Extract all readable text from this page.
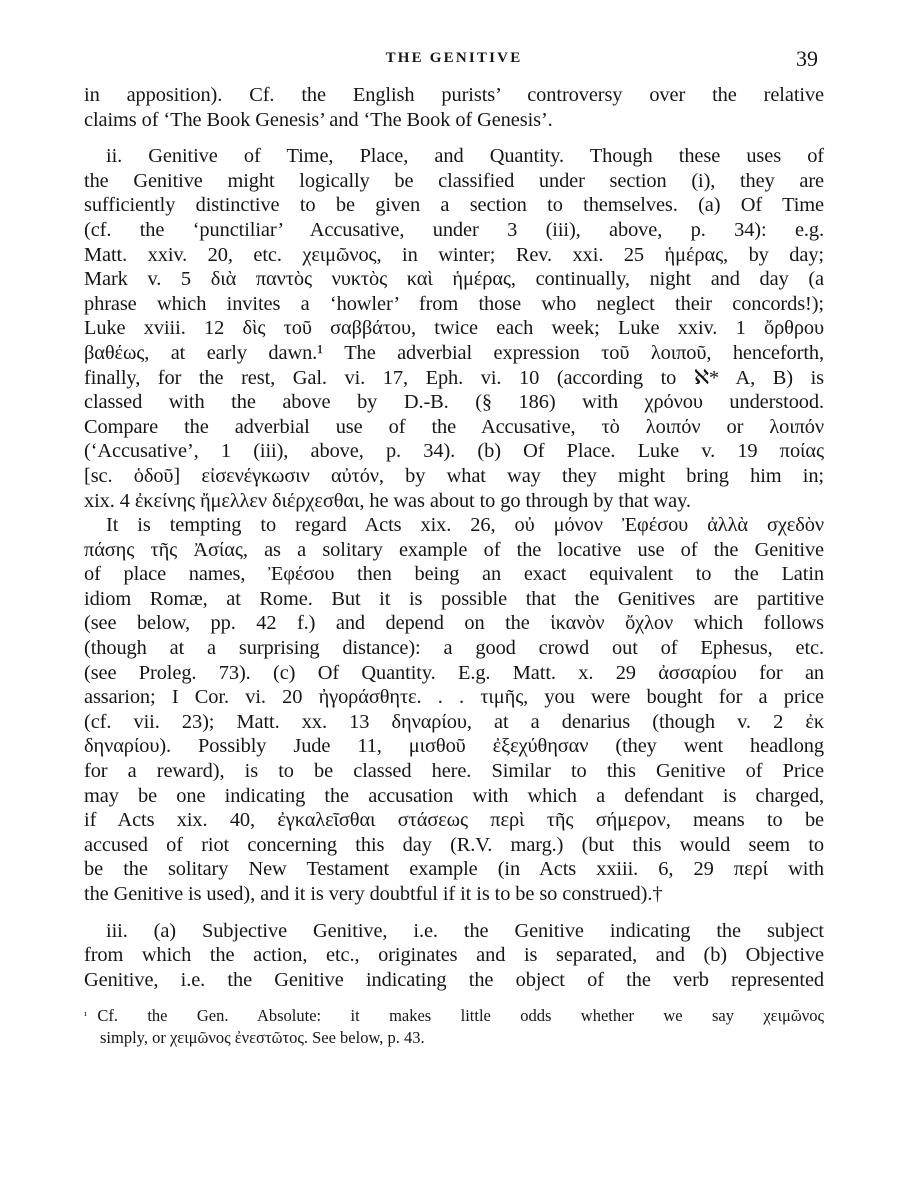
THE GENITIVE	39

in apposition). Cf. the English purists’ controversy over the relative
claims of ‘The Book Genesis’ and ‘The Book of Genesis’.

ii. Genitive of Time, Place, and Quantity. Though these uses of
the Genitive might logically be classified under section (i), they are
sufficiently distinctive to be given a section to themselves. (a) Of Time
(cf. the ‘punctiliar’ Accusative, under 3 (iii), above, p. 34): e.g.
Matt. xxiv. 20, etc. χειμῶνος, in winter; Rev. xxi. 25 ἡμέρας, by day;
Mark v. 5 διὰ παντὸς νυκτὸς καὶ ἡμέρας, continually, night and day (a
phrase which invites a ‘howler’ from those who neglect their concords!);
Luke xviii. 12 δὶς τοῦ σαββάτου, twice each week; Luke xxiv. 1 ὄρθρου
βαθέως, at early dawn.¹ The adverbial expression τοῦ λοιποῦ, henceforth,
finally, for the rest, Gal. vi. 17, Eph. vi. 10 (according to ℵ* A, B) is
classed with the above by D.-B. (§ 186) with χρόνου understood.
Compare the adverbial use of the Accusative, τὸ λοιπόν or λοιπόν
(‘Accusative’, 1 (iii), above, p. 34). (b) Of Place. Luke v. 19 ποίας
[sc. ὁδοῦ] εἰσενέγκωσιν αὐτόν, by what way they might bring him in;
xix. 4 ἐκείνης ἤμελλεν διέρχεσθαι, he was about to go through by that way.

It is tempting to regard Acts xix. 26, οὐ μόνον Ἐφέσου ἀλλὰ σχεδὸν
πάσης τῆς Ἀσίας, as a solitary example of the locative use of the Genitive
of place names, Ἐφέσου then being an exact equivalent to the Latin
idiom Romæ, at Rome. But it is possible that the Genitives are partitive
(see below, pp. 42 f.) and depend on the ἱκανὸν ὄχλον which follows
(though at a surprising distance): a good crowd out of Ephesus, etc.
(see Proleg. 73). (c) Of Quantity. E.g. Matt. x. 29 ἀσσαρίου for an
assarion; I Cor. vi. 20 ἠγοράσθητε. . . τιμῆς, you were bought for a price
(cf. vii. 23); Matt. xx. 13 δηναρίου, at a denarius (though v. 2 ἐκ
δηναρίου). Possibly Jude 11, μισθοῦ ἐξεχύθησαν (they went headlong
for a reward), is to be classed here. Similar to this Genitive of Price
may be one indicating the accusation with which a defendant is charged,
if Acts xix. 40, ἐγκαλεῖσθαι στάσεως περὶ τῆς σήμερον, means to be
accused of riot concerning this day (R.V. marg.) (but this would seem to
be the solitary New Testament example (in Acts xxiii. 6, 29 περί with
the Genitive is used), and it is very doubtful if it is to be so construed).†

iii. (a) Subjective Genitive, i.e. the Genitive indicating the subject
from which the action, etc., originates and is separated, and (b) Objective
Genitive, i.e. the Genitive indicating the object of the verb represented

$^{^1}$ Cf. the Gen. Absolute: it makes little odds whether we say χειμῶνος
simply, or χειμῶνος ἐνεστῶτος. See below, p. 43.
